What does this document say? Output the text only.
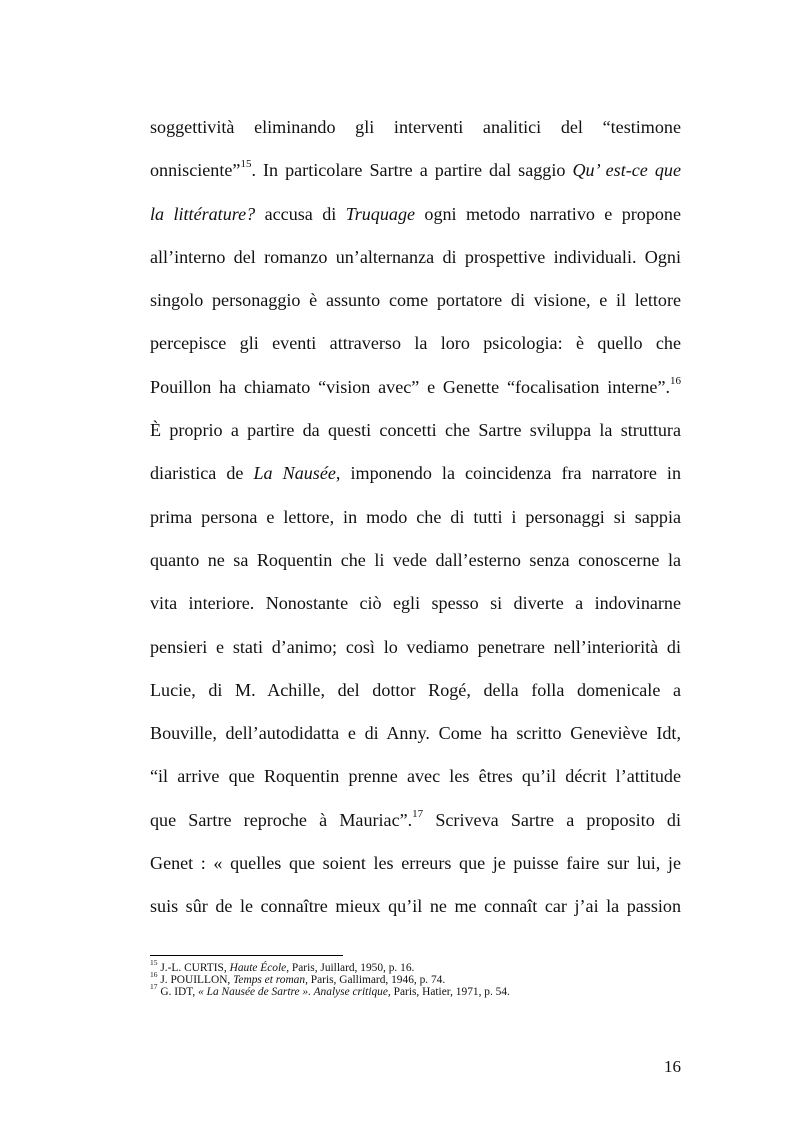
soggettività eliminando gli interventi analitici del “testimone
onnisciente”$^{15}$. In particolare Sartre a partire dal saggio Qu’ est-ce que
la littérature? accusa di Truquage ogni metodo narrativo e propone
all’interno del romanzo un’alternanza di prospettive individuali. Ogni
singolo personaggio è assunto come portatore di visione, e il lettore
percepisce gli eventi attraverso la loro psicologia: è quello che
Pouillon ha chiamato “vision avec” e Genette “focalisation interne”.$^{16}$
È proprio a partire da questi concetti che Sartre sviluppa la struttura
diaristica de La Nausée, imponendo la coincidenza fra narratore in
prima persona e lettore, in modo che di tutti i personaggi si sappia
quanto ne sa Roquentin che li vede dall’esterno senza conoscerne la
vita interiore. Nonostante ciò egli spesso si diverte a indovinarne
pensieri e stati d’animo; così lo vediamo penetrare nell’interiorità di
Lucie, di M. Achille, del dottor Rogé, della folla domenicale a
Bouville, dell’autodidatta e di Anny. Come ha scritto Geneviève Idt,
“il arrive que Roquentin prenne avec les êtres qu’il décrit l’attitude
que Sartre reproche à Mauriac”.$^{17}$ Scriveva Sartre a proposito di
Genet : « quelles que soient les erreurs que je puisse faire sur lui, je
suis sûr de le connaître mieux qu’il ne me connaît car j’ai la passion
$^{15}$ J.-L. CURTIS, Haute École, Paris, Juillard, 1950, p. 16.
$^{16}$ J. POUILLON, Temps et roman, Paris, Gallimard, 1946, p. 74.
$^{17}$ G. IDT, « La Nausée de Sartre ». Analyse critique, Paris, Hatier, 1971, p. 54.
16
